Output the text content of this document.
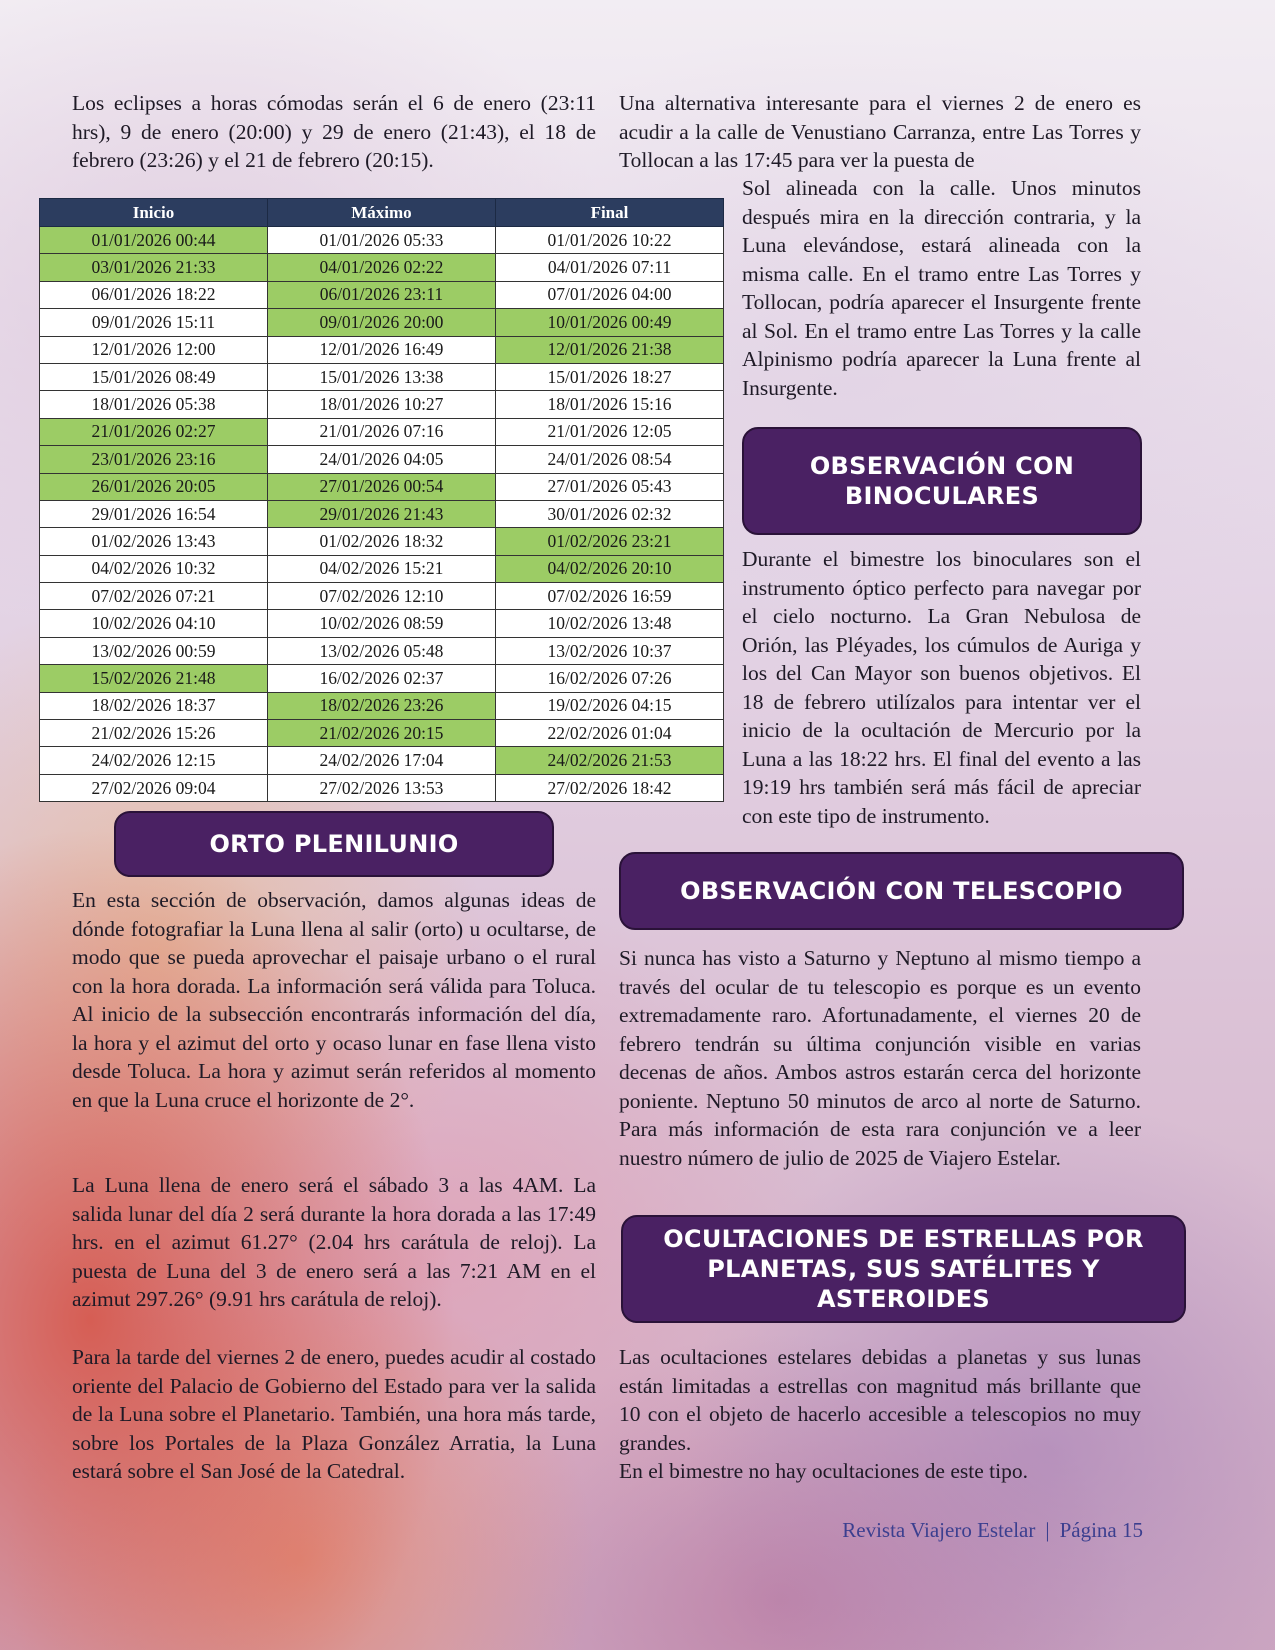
Los eclipses a horas cómodas serán el 6 de enero (23:11 hrs), 9 de enero (20:00) y 29 de enero (21:43), el 18 de febrero (23:26) y el 21 de febrero (20:15).

Inicio	Máximo	Final
01/01/2026 00:44	01/01/2026 05:33	01/01/2026 10:22
03/01/2026 21:33	04/01/2026 02:22	04/01/2026 07:11
06/01/2026 18:22	06/01/2026 23:11	07/01/2026 04:00
09/01/2026 15:11	09/01/2026 20:00	10/01/2026 00:49
12/01/2026 12:00	12/01/2026 16:49	12/01/2026 21:38
15/01/2026 08:49	15/01/2026 13:38	15/01/2026 18:27
18/01/2026 05:38	18/01/2026 10:27	18/01/2026 15:16
21/01/2026 02:27	21/01/2026 07:16	21/01/2026 12:05
23/01/2026 23:16	24/01/2026 04:05	24/01/2026 08:54
26/01/2026 20:05	27/01/2026 00:54	27/01/2026 05:43
29/01/2026 16:54	29/01/2026 21:43	30/01/2026 02:32
01/02/2026 13:43	01/02/2026 18:32	01/02/2026 23:21
04/02/2026 10:32	04/02/2026 15:21	04/02/2026 20:10
07/02/2026 07:21	07/02/2026 12:10	07/02/2026 16:59
10/02/2026 04:10	10/02/2026 08:59	10/02/2026 13:48
13/02/2026 00:59	13/02/2026 05:48	13/02/2026 10:37
15/02/2026 21:48	16/02/2026 02:37	16/02/2026 07:26
18/02/2026 18:37	18/02/2026 23:26	19/02/2026 04:15
21/02/2026 15:26	21/02/2026 20:15	22/02/2026 01:04
24/02/2026 12:15	24/02/2026 17:04	24/02/2026 21:53
27/02/2026 09:04	27/02/2026 13:53	27/02/2026 18:42
ORTO PLENILUNIO

En esta sección de observación, damos algunas ideas de dónde fotografiar la Luna llena al salir (orto) u ocultarse, de modo que se pueda aprovechar el paisaje urbano o el rural con la hora dorada. La información será válida para Toluca. Al inicio de la subsección encontrarás información del día, la hora y el azimut del orto y ocaso lunar en fase llena visto desde Toluca. La hora y azimut serán referidos al momento en que la Luna cruce el horizonte de 2°.

La Luna llena de enero será el sábado 3 a las 4AM. La salida lunar del día 2 será durante la hora dorada a las 17:49 hrs. en el azimut 61.27° (2.04 hrs carátula de reloj). La puesta de Luna del 3 de enero será a las 7:21 AM en el azimut 297.26° (9.91 hrs carátula de reloj).

Para la tarde del viernes 2 de enero, puedes acudir al costado oriente del Palacio de Gobierno del Estado para ver la salida de la Luna sobre el Planetario. También, una hora más tarde, sobre los Portales de la Plaza González Arratia, la Luna estará sobre el San José de la Catedral.

Una alternativa interesante para el viernes 2 de enero es acudir a la calle de Venustiano Carranza, entre Las Torres y Tollocan a las 17:45 para ver la puesta de

Sol alineada con la calle. Unos minutos después mira en la dirección contraria, y la Luna elevándose, estará alineada con la misma calle. En el tramo entre Las Torres y Tollocan, podría aparecer el Insurgente frente al Sol. En el tramo entre Las Torres y la calle Alpinismo podría aparecer la Luna frente al Insurgente.

OBSERVACIÓN CON BINOCULARES

Durante el bimestre los binoculares son el instrumento óptico perfecto para navegar por el cielo nocturno. La Gran Nebulosa de Orión, las Pléyades, los cúmulos de Auriga y los del Can Mayor son buenos objetivos. El 18 de febrero utilízalos para intentar ver el inicio de la ocultación de Mercurio por la Luna a las 18:22 hrs. El final del evento a las 19:19 hrs también será más fácil de apreciar con este tipo de instrumento.

OBSERVACIÓN CON TELESCOPIO

Si nunca has visto a Saturno y Neptuno al mismo tiempo a través del ocular de tu telescopio es porque es un evento extremadamente raro. Afortunadamente, el viernes 20 de febrero tendrán su última conjunción visible en varias decenas de años. Ambos astros estarán cerca del horizonte poniente. Neptuno 50 minutos de arco al norte de Saturno. Para más información de esta rara conjunción ve a leer nuestro número de julio de 2025 de Viajero Estelar.

OCULTACIONES DE ESTRELLAS POR PLANETAS, SUS SATÉLITES Y ASTEROIDES

Las ocultaciones estelares debidas a planetas y sus lunas están limitadas a estrellas con magnitud más brillante que 10 con el objeto de hacerlo accesible a telescopios no muy grandes.

En el bimestre no hay ocultaciones de este tipo.

Revista Viajero Estelar | Página 15
